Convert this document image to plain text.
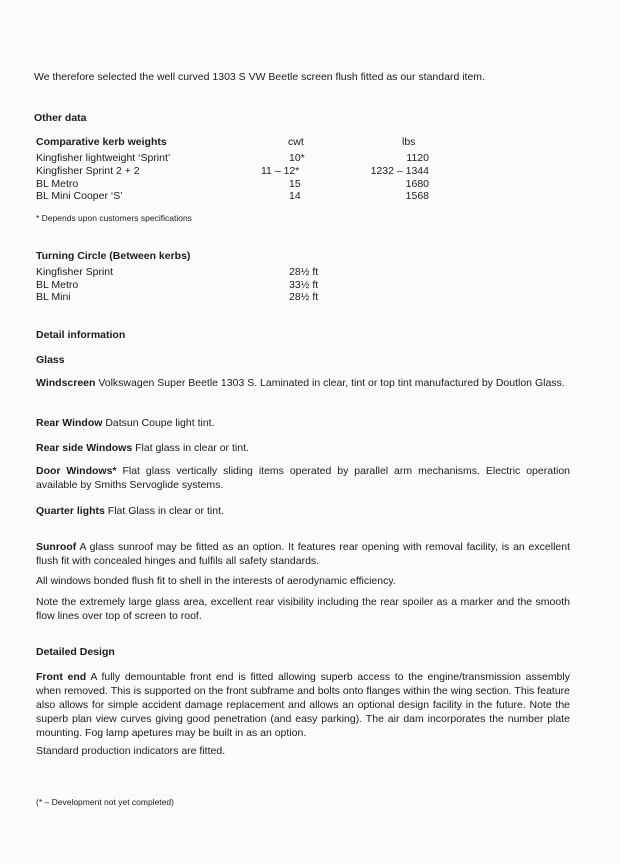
We therefore selected the well curved 1303 S VW Beetle screen flush fitted as our standard item.
Other data
Comparative kerb weights	cwt	lbs
Kingfisher lightweight ‘Sprint’	10*	1120
Kingfisher Sprint 2 + 2	11 – 12*	1232 – 1344
BL Metro	15	1680
BL Mini Cooper ‘S’	14	1568
* Depends upon customers specifications
Turning Circle (Between kerbs)
Kingfisher Sprint	28½ ft
BL Metro	33½ ft
BL Mini	28½ ft
Detail information
Glass
Windscreen Volkswagen Super Beetle 1303 S. Laminated in clear, tint or top tint manufactured by Doutlon Glass.
Rear Window Datsun Coupe light tint.
Rear side Windows Flat glass in clear or tint.
Door Windows* Flat glass vertically sliding items operated by parallel arm mechanisms. Electric operation available by Smiths Servoglide systems.
Quarter lights Flat Glass in clear or tint.
Sunroof A glass sunroof may be fitted as an option. It features rear opening with removal facility, is an excellent flush fit with concealed hinges and fulfils all safety standards.
All windows bonded flush fit to shell in the interests of aerodynamic efficiency.
Note the extremely large glass area, excellent rear visibility including the rear spoiler as a marker and the smooth flow lines over top of screen to roof.
Detailed Design
Front end A fully demountable front end is fitted allowing superb access to the engine/transmission assembly when removed. This is supported on the front subframe and bolts onto flanges within the wing section. This feature also allows for simple accident damage replacement and allows an optional design facility in the future. Note the superb plan view curves giving good penetration (and easy parking). The air dam incorporates the number plate mounting. Fog lamp apetures may be built in as an option.
Standard production indicators are fitted.
(* – Development not yet completed)
